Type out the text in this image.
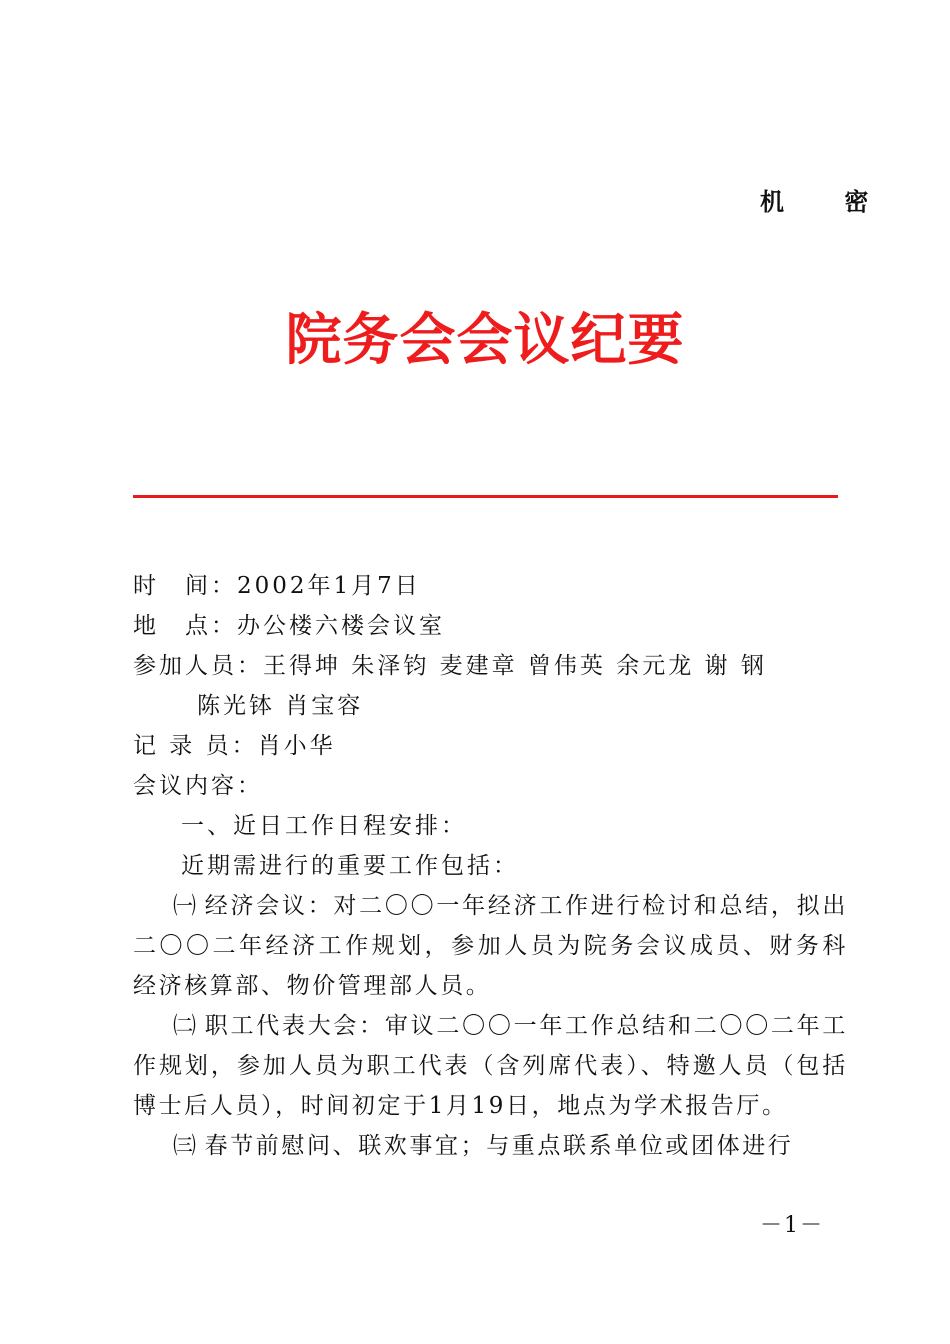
机 密
院务会会议纪要
时　间：2002年1月7日
地　点：办公楼六楼会议室
参加人员：王得坤 朱泽钧 麦建章 曾伟英 余元龙 谢 钢
陈光钵 肖宝容
记 录 员：肖小华
会议内容：
一、近日工作日程安排：
近期需进行的重要工作包括：
㈠ 经济会议：对二〇〇一年经济工作进行检讨和总结，拟出二〇〇二年经济工作规划，参加人员为院务会议成员、财务科经济核算部、物价管理部人员。
㈡ 职工代表大会：审议二〇〇一年工作总结和二〇〇二年工作规划，参加人员为职工代表（含列席代表）、特邀人员（包括博士后人员），时间初定于1月19日，地点为学术报告厅。
㈢ 春节前慰问、联欢事宜；与重点联系单位或团体进行
－1－
